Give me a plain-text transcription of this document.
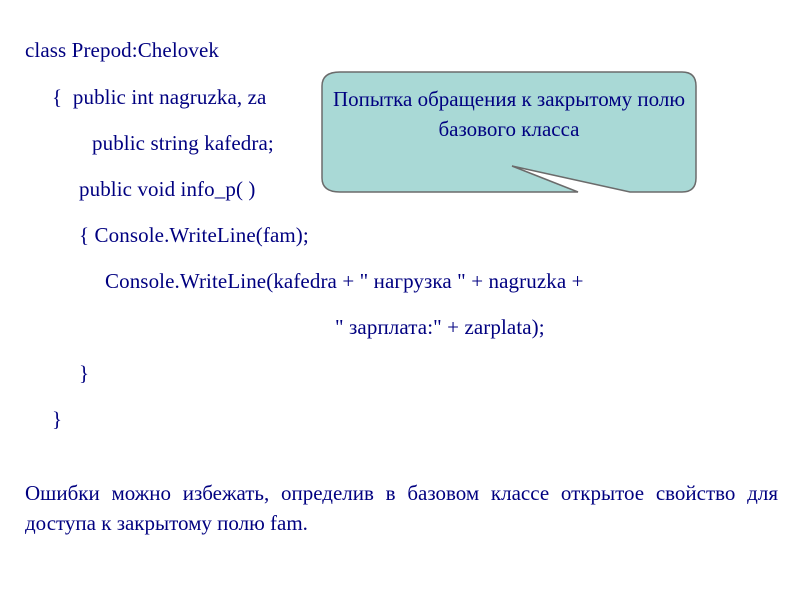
class Prepod:Chelovek
{  public int nagruzka, za
public string kafedra;
public void info_p( )
{ Console.WriteLine(fam);
Console.WriteLine(kafedra + " нагрузка " + nagruzka +
" зарплата:" + zarplata);
}
}
Попытка обращения к закрытому полю базового класса
Ошибки можно избежать, определив в базовом классе открытое свойство для доступа к закрытому полю fam.
